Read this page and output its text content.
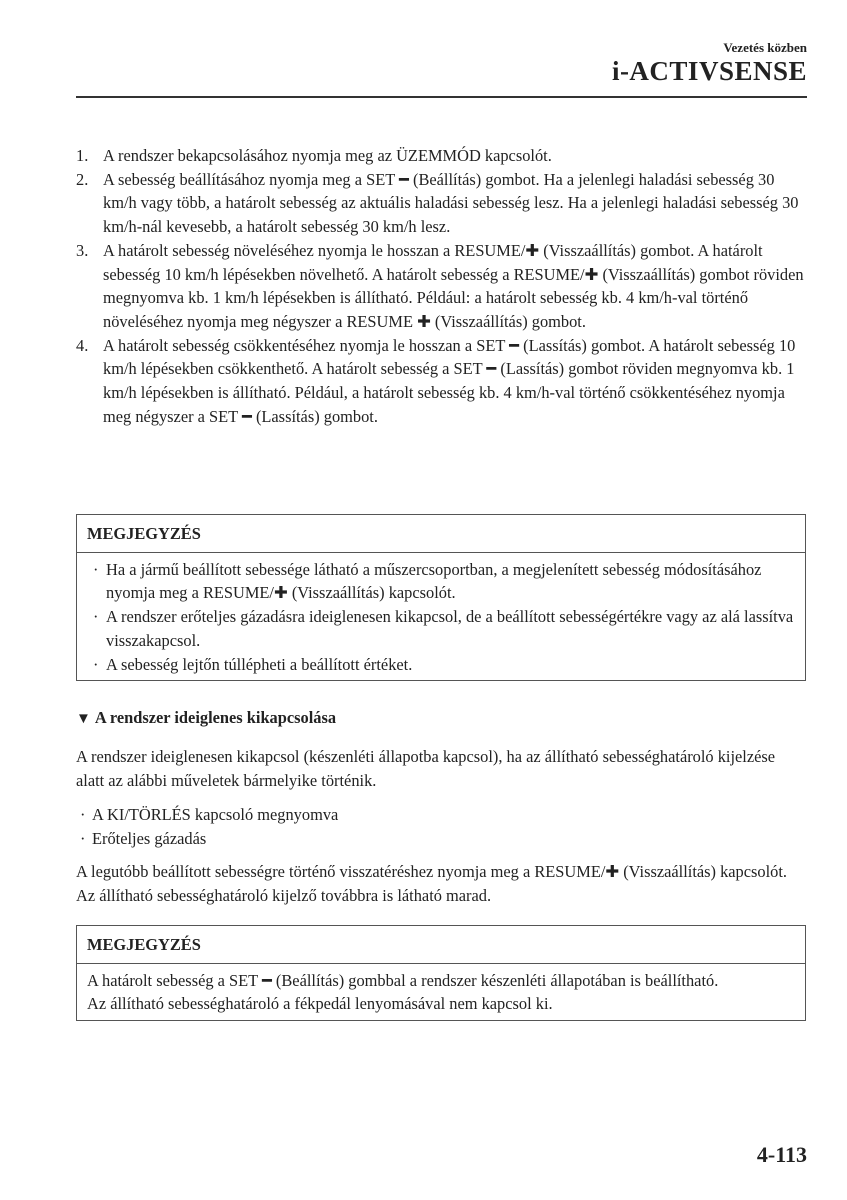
Vezetés közben
i-ACTIVSENSE
1. A rendszer bekapcsolásához nyomja meg az ÜZEMMÓD kapcsolót.
2. A sebesség beállításához nyomja meg a SET ━ (Beállítás) gombot. Ha a jelenlegi haladási sebesség 30 km/h vagy több, a határolt sebesség az aktuális haladási sebesség lesz. Ha a jelenlegi haladási sebesség 30 km/h-nál kevesebb, a határolt sebesség 30 km/h lesz.
3. A határolt sebesség növeléséhez nyomja le hosszan a RESUME/✚ (Visszaállítás) gombot. A határolt sebesség 10 km/h lépésekben növelhető. A határolt sebesség a RESUME/✚ (Visszaállítás) gombot röviden megnyomva kb. 1 km/h lépésekben is állítható. Például: a határolt sebesség kb. 4 km/h-val történő növeléséhez nyomja meg négyszer a RESUME ✚ (Visszaállítás) gombot.
4. A határolt sebesség csökkentéséhez nyomja le hosszan a SET ━ (Lassítás) gombot. A határolt sebesség 10 km/h lépésekben csökkenthető. A határolt sebesség a SET ━ (Lassítás) gombot röviden megnyomva kb. 1 km/h lépésekben is állítható. Például, a határolt sebesség kb. 4 km/h-val történő csökkentéséhez nyomja meg négyszer a SET ━ (Lassítás) gombot.
MEGJEGYZÉS
· Ha a jármű beállított sebessége látható a műszercsoportban, a megjelenített sebesség módosításához nyomja meg a RESUME/✚ (Visszaállítás) kapcsolót.
· A rendszer erőteljes gázadásra ideiglenesen kikapcsol, de a beállított sebességértékre vagy az alá lassítva visszakapcsol.
· A sebesség lejtőn túllépheti a beállított értéket.
▼ A rendszer ideiglenes kikapcsolása

A rendszer ideiglenesen kikapcsol (készenléti állapotba kapcsol), ha az állítható sebességhatároló kijelzése alatt az alábbi műveletek bármelyike történik.

· A KI/TÖRLÉS kapcsoló megnyomva
· Erőteljes gázadás

A legutóbb beállított sebességre történő visszatéréshez nyomja meg a RESUME/✚ (Visszaállítás) kapcsolót. Az állítható sebességhatároló kijelző továbbra is látható marad.

MEGJEGYZÉS
A határolt sebesség a SET ━ (Beállítás) gombbal a rendszer készenléti állapotában is beállítható.
Az állítható sebességhatároló a fékpedál lenyomásával nem kapcsol ki.
4-113
